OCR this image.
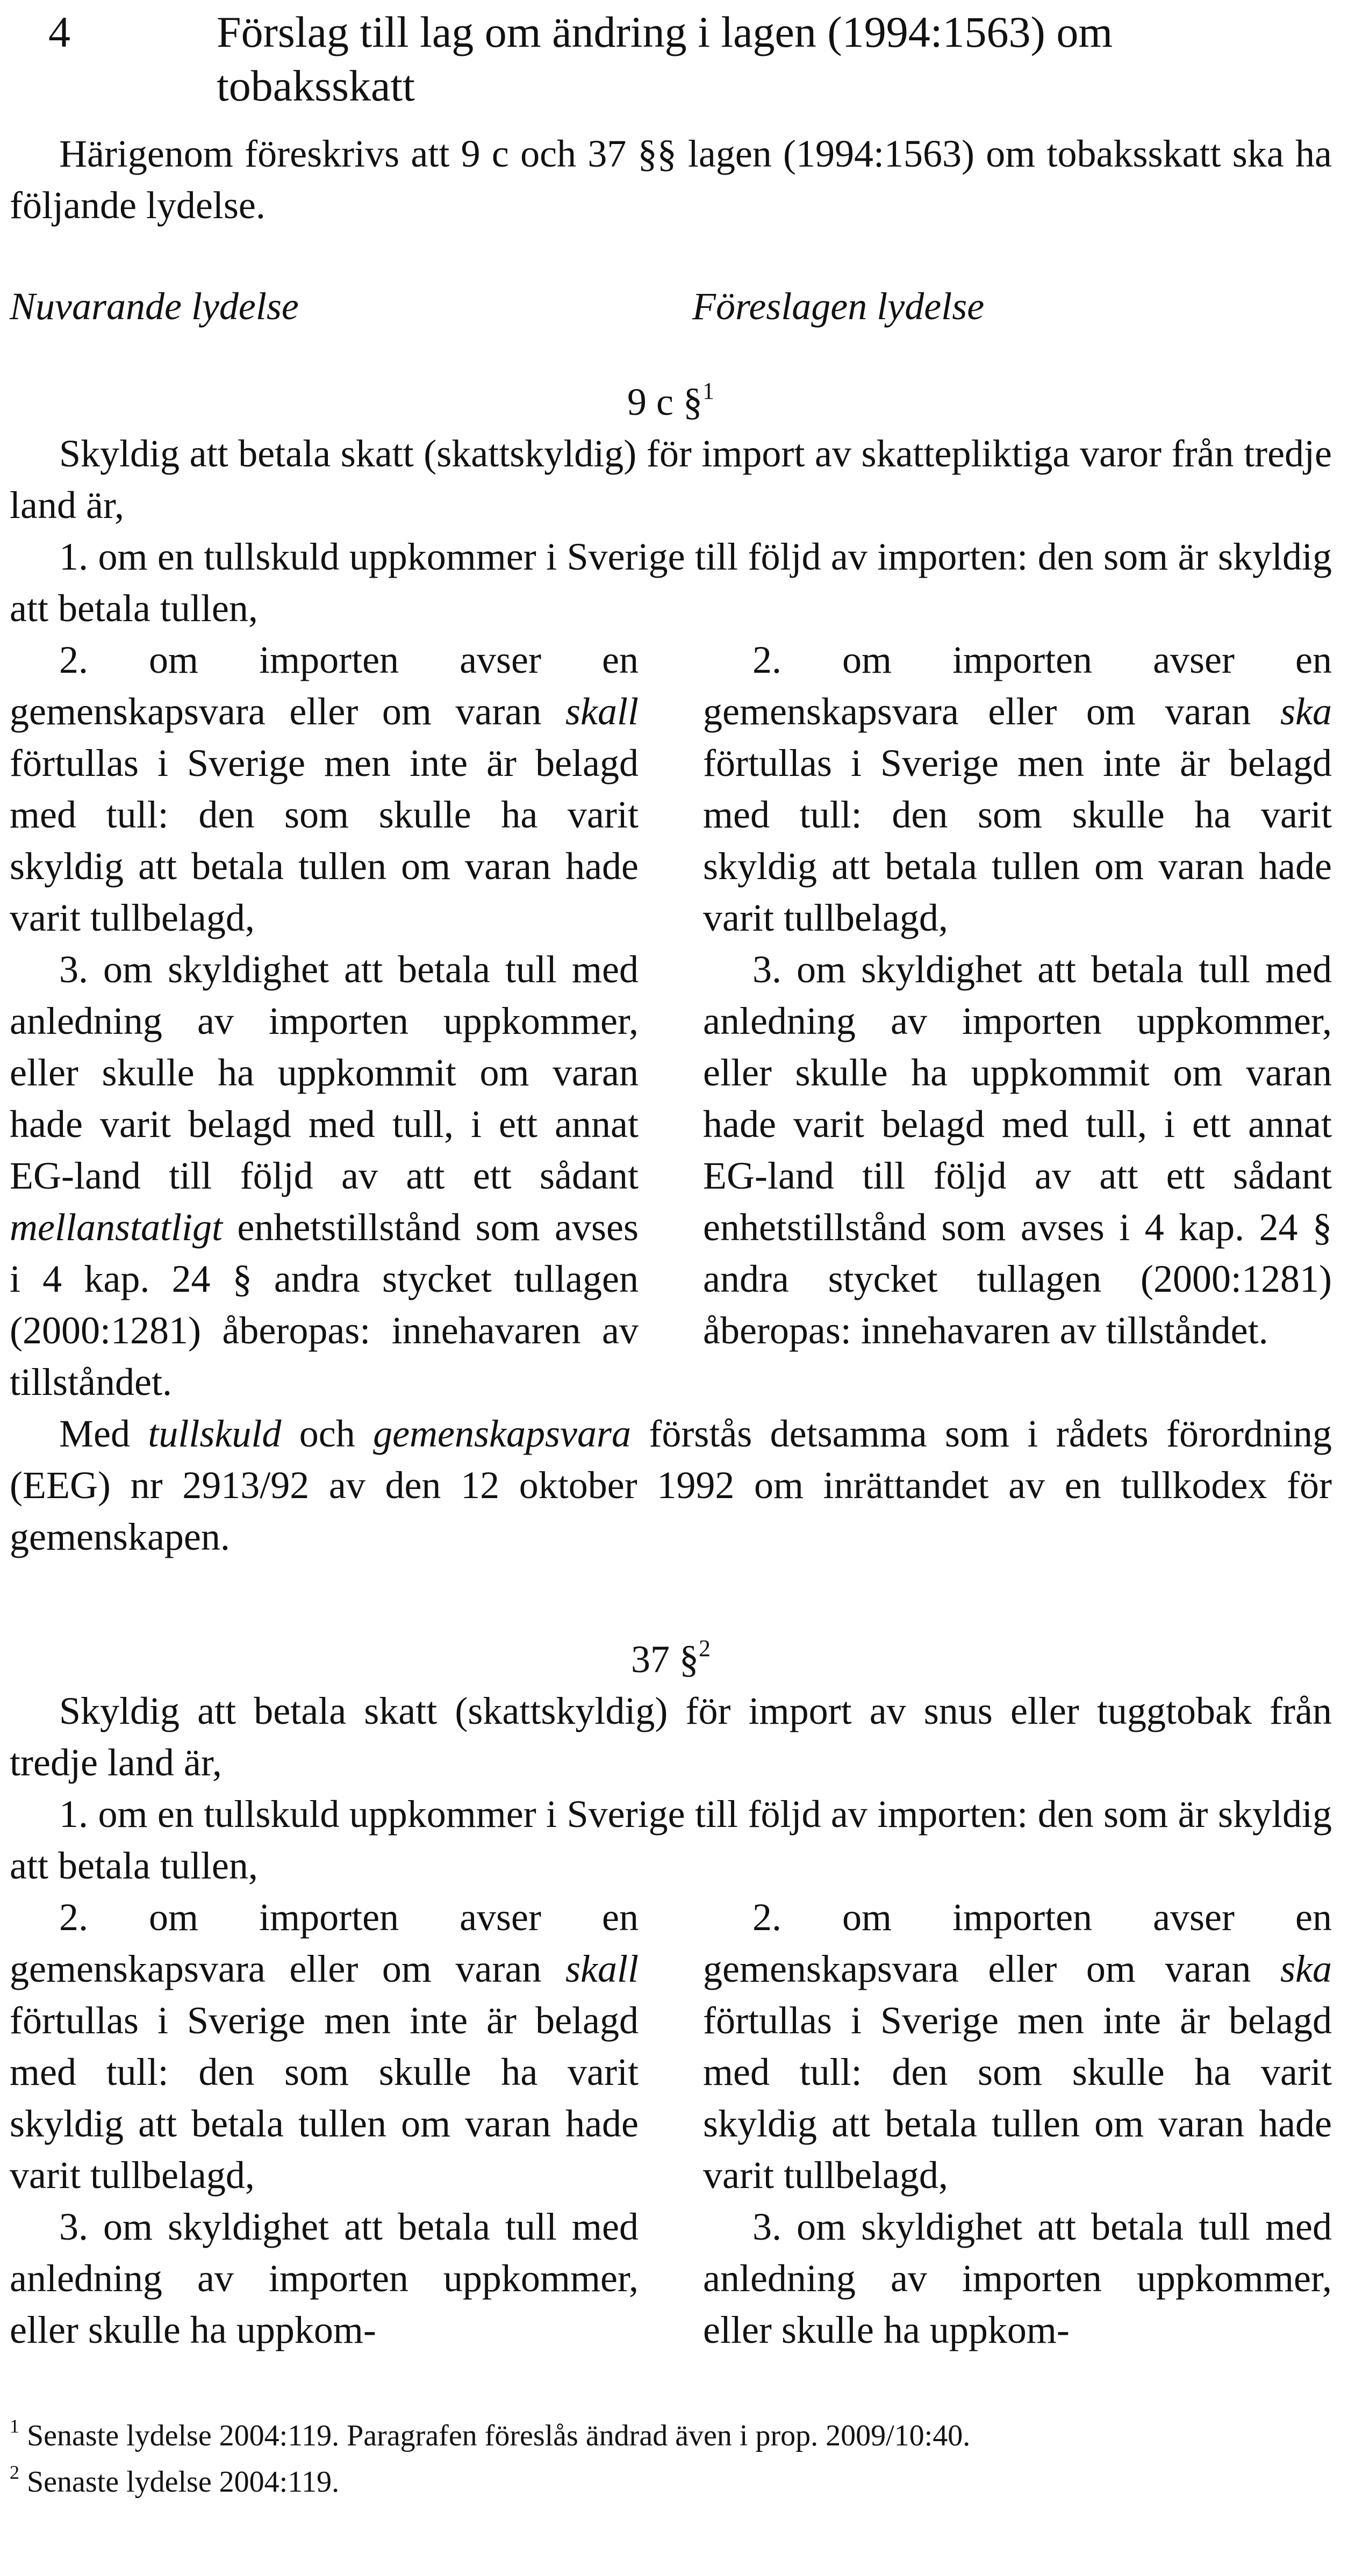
4	Förslag till lag om ändring i lagen (1994:1563) om tobaksskatt

Härigenom föreskrivs att 9 c och 37 §§ lagen (1994:1563) om tobaksskatt ska ha följande lydelse.

Nuvarande lydelse	Föreslagen lydelse
9 c §$^1$

Skyldig att betala skatt (skattskyldig) för import av skattepliktiga varor från tredje land är,

1. om en tullskuld uppkommer i Sverige till följd av importen: den som är skyldig att betala tullen,

2. om importen avser en gemenskapsvara eller om varan skall förtullas i Sverige men inte är belagd med tull: den som skulle ha varit skyldig att betala tullen om varan hade varit tullbelagd,

3. om skyldighet att betala tull med anledning av importen uppkommer, eller skulle ha uppkommit om varan hade varit belagd med tull, i ett annat EG-land till följd av att ett sådant mellanstatligt enhetstillstånd som avses i 4 kap. 24 § andra stycket tullagen (2000:1281) åberopas: innehavaren av tillståndet.

2. om importen avser en gemenskapsvara eller om varan ska förtullas i Sverige men inte är belagd med tull: den som skulle ha varit skyldig att betala tullen om varan hade varit tullbelagd,

3. om skyldighet att betala tull med anledning av importen uppkommer, eller skulle ha uppkommit om varan hade varit belagd med tull, i ett annat EG-land till följd av att ett sådant enhetstillstånd som avses i 4 kap. 24 § andra stycket tullagen (2000:1281) åberopas: innehavaren av tillståndet.

Med tullskuld och gemenskapsvara förstås detsamma som i rådets förordning (EEG) nr 2913/92 av den 12 oktober 1992 om inrättandet av en tullkodex för gemenskapen.

37 §$^2$

Skyldig att betala skatt (skattskyldig) för import av snus eller tuggtobak från tredje land är,

1. om en tullskuld uppkommer i Sverige till följd av importen: den som är skyldig att betala tullen,

2. om importen avser en gemenskapsvara eller om varan skall förtullas i Sverige men inte är belagd med tull: den som skulle ha varit skyldig att betala tullen om varan hade varit tullbelagd,

3. om skyldighet att betala tull med anledning av importen uppkommer, eller skulle ha uppkom-

2. om importen avser en gemenskapsvara eller om varan ska förtullas i Sverige men inte är belagd med tull: den som skulle ha varit skyldig att betala tullen om varan hade varit tullbelagd,

3. om skyldighet att betala tull med anledning av importen uppkommer, eller skulle ha uppkom-

$^1$ Senaste lydelse 2004:119. Paragrafen föreslås ändrad även i prop. 2009/10:40.

$^2$ Senaste lydelse 2004:119.
